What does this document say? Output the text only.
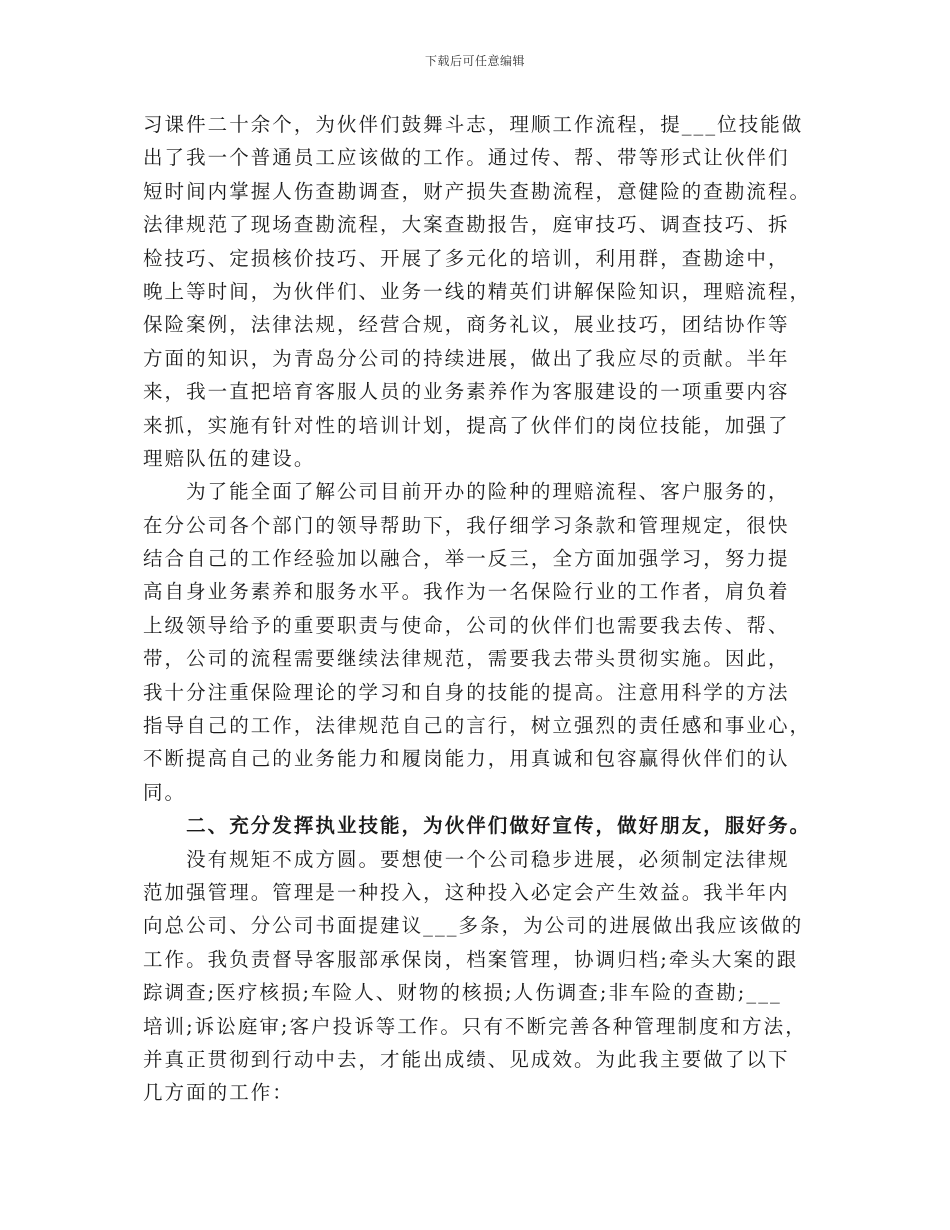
下载后可任意编辑
习课件二十余个，为伙伴们鼓舞斗志，理顺工作流程，提___位技能做
出了我一个普通员工应该做的工作。通过传、帮、带等形式让伙伴们
短时间内掌握人伤查勘调查，财产损失查勘流程，意健险的查勘流程。
法律规范了现场查勘流程，大案查勘报告，庭审技巧、调查技巧、拆
检技巧、定损核价技巧、开展了多元化的培训，利用群，查勘途中，
晚上等时间，为伙伴们、业务一线的精英们讲解保险知识，理赔流程，
保险案例，法律法规，经营合规，商务礼议，展业技巧，团结协作等
方面的知识，为青岛分公司的持续进展，做出了我应尽的贡献。半年
来，我一直把培育客服人员的业务素养作为客服建设的一项重要内容
来抓，实施有针对性的培训计划，提高了伙伴们的岗位技能，加强了
理赔队伍的建设。
　　为了能全面了解公司目前开办的险种的理赔流程、客户服务的，
在分公司各个部门的领导帮助下，我仔细学习条款和管理规定，很快
结合自己的工作经验加以融合，举一反三，全方面加强学习，努力提
高自身业务素养和服务水平。我作为一名保险行业的工作者，肩负着
上级领导给予的重要职责与使命，公司的伙伴们也需要我去传、帮、
带，公司的流程需要继续法律规范，需要我去带头贯彻实施。因此，
我十分注重保险理论的学习和自身的技能的提高。注意用科学的方法
指导自己的工作，法律规范自己的言行，树立强烈的责任感和事业心，
不断提高自己的业务能力和履岗能力，用真诚和包容赢得伙伴们的认
同。
　　二、充分发挥执业技能，为伙伴们做好宣传，做好朋友，服好务。
　　没有规矩不成方圆。要想使一个公司稳步进展，必须制定法律规
范加强管理。管理是一种投入，这种投入必定会产生效益。我半年内
向总公司、分公司书面提建议___多条，为公司的进展做出我应该做的
工作。我负责督导客服部承保岗，档案管理，协调归档;牵头大案的跟
踪调查;医疗核损;车险人、财物的核损;人伤调查;非车险的查勘;___
培训;诉讼庭审;客户投诉等工作。只有不断完善各种管理制度和方法，
并真正贯彻到行动中去，才能出成绩、见成效。为此我主要做了以下
几方面的工作：
